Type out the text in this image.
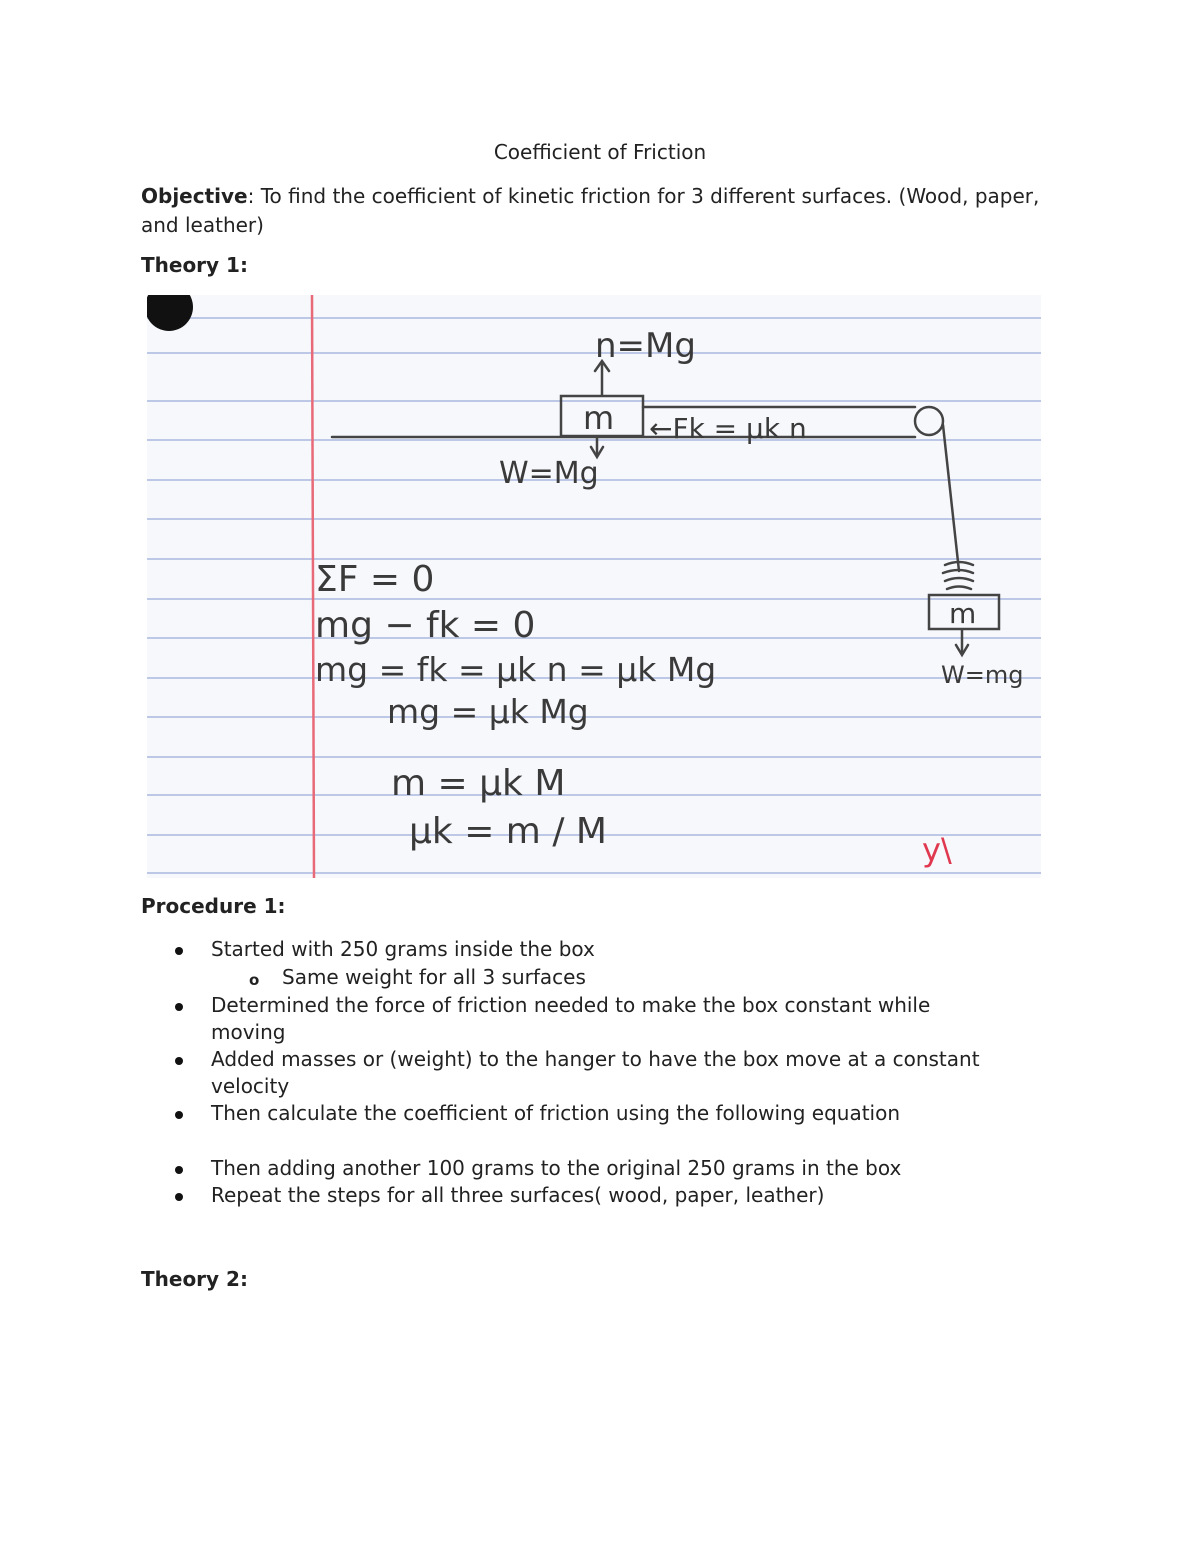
Coefficient of Friction
Objective: To find the coefficient of kinetic friction for 3 different surfaces. (Wood, paper, and leather)
Theory 1:
n=Mg
m ←Fk = μk n
W=Mg
m
W=mg
ΣF = 0
mg − fk = 0
mg = fk = μk n = μk Mg
mg = μk Mg
m = μk M
μk = m / M	y\
Procedure 1:
Started with 250 grams inside the box
o Same weight for all 3 surfaces
Determined the force of friction needed to make the box constant while moving
Added masses or (weight) to the hanger to have the box move at a constant velocity
Then calculate the coefficient of friction using the following equation
Then adding another 100 grams to the original 250 grams in the box
Repeat the steps for all three surfaces( wood, paper, leather)
Theory 2:
